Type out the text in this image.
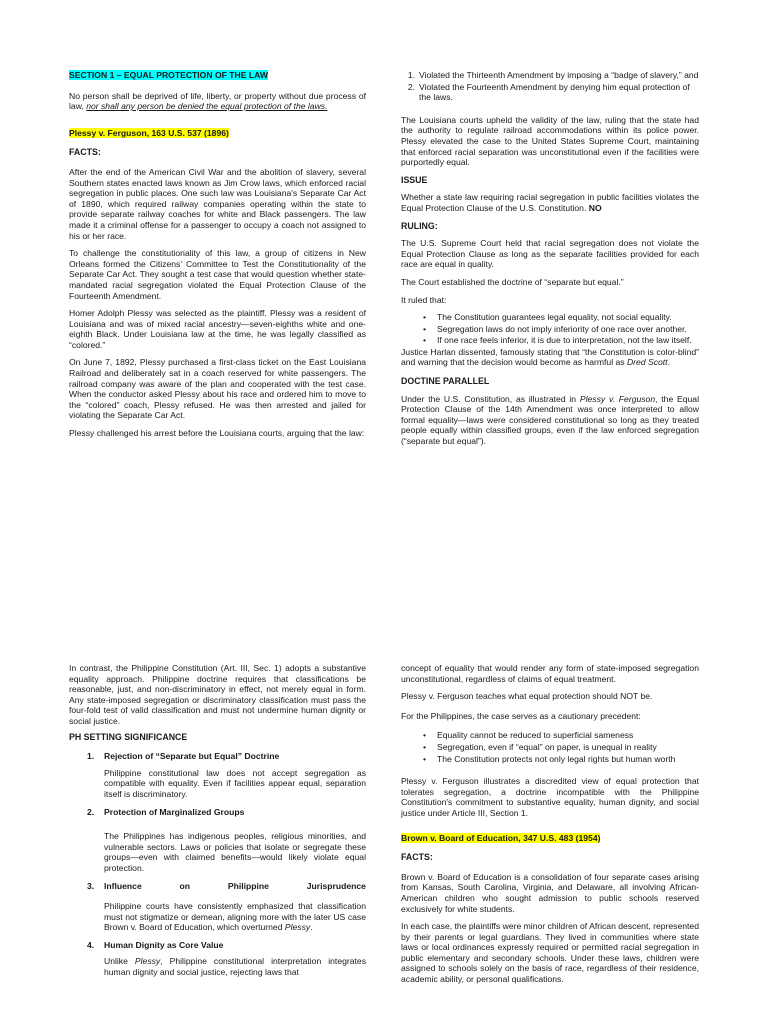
SECTION 1 – EQUAL PROTECTION OF THE LAW

No person shall be deprived of life, liberty, or property without due process of law, nor shall any person be denied the equal protection of the laws.

Plessy v. Ferguson, 163 U.S. 537 (1896)

FACTS:

After the end of the American Civil War and the abolition of slavery, several Southern states enacted laws known as Jim Crow laws, which enforced racial segregation in public places. One such law was Louisiana's Separate Car Act of 1890, which required railway companies operating within the state to provide separate railway coaches for white and Black passengers. The law made it a criminal offense for a passenger to occupy a coach not assigned to his or her race.

To challenge the constitutionality of this law, a group of citizens in New Orleans formed the Citizens' Committee to Test the Constitutionality of the Separate Car Act. They sought a test case that would question whether state-mandated racial segregation violated the Equal Protection Clause of the Fourteenth Amendment.

Homer Adolph Plessy was selected as the plaintiff. Plessy was a resident of Louisiana and was of mixed racial ancestry—seven-eighths white and one-eighth Black. Under Louisiana law at the time, he was legally classified as “colored.”

On June 7, 1892, Plessy purchased a first-class ticket on the East Louisiana Railroad and deliberately sat in a coach reserved for white passengers. The railroad company was aware of the plan and cooperated with the test case. When the conductor asked Plessy about his race and ordered him to move to the “colored” coach, Plessy refused. He was then arrested and jailed for violating the Separate Car Act.

Plessy challenged his arrest before the Louisiana courts, arguing that the law:

1. Violated the Thirteenth Amendment by imposing a “badge of slavery,” and
2. Violated the Fourteenth Amendment by denying him equal protection of the laws.

The Louisiana courts upheld the validity of the law, ruling that the state had the authority to regulate railroad accommodations within its police power. Plessy elevated the case to the United States Supreme Court, maintaining that enforced racial separation was unconstitutional even if the facilities were purportedly equal.

ISSUE

Whether a state law requiring racial segregation in public facilities violates the Equal Protection Clause of the U.S. Constitution. NO

RULING:

The U.S. Supreme Court held that racial segregation does not violate the Equal Protection Clause as long as the separate facilities provided for each race are equal in quality.

The Court established the doctrine of “separate but equal.”

It ruled that:

• The Constitution guarantees legal equality, not social equality.
• Segregation laws do not imply inferiority of one race over another.
• If one race feels inferior, it is due to interpretation, not the law itself.

Justice Harlan dissented, famously stating that “the Constitution is color-blind” and warning that the decision would become as harmful as Dred Scott.

DOCTINE PARALLEL

Under the U.S. Constitution, as illustrated in Plessy v. Ferguson, the Equal Protection Clause of the 14th Amendment was once interpreted to allow formal equality—laws were considered constitutional so long as they treated people equally within classified groups, even if the law enforced segregation (“separate but equal”).

In contrast, the Philippine Constitution (Art. III, Sec. 1) adopts a substantive equality approach. Philippine doctrine requires that classifications be reasonable, just, and non-discriminatory in effect, not merely equal in form. Any state-imposed segregation or discriminatory classification must pass the four-fold test of valid classification and must not undermine human dignity or social justice.

PH SETTING SIGNIFICANCE
1. Rejection of “Separate but Equal” Doctrine

Philippine constitutional law does not accept segregation as compatible with equality. Even if facilities appear equal, separation itself is discriminatory.

2. Protection of Marginalized Groups

The Philippines has indigenous peoples, religious minorities, and vulnerable sectors. Laws or policies that isolate or segregate these groups—even with claimed benefits—would likely violate equal protection.

3. Influence	on	Philippine	Jurisprudence

Philippine courts have consistently emphasized that classification must not stigmatize or demean, aligning more with the later US case Brown v. Board of Education, which overturned Plessy.

4. Human Dignity as Core Value

Unlike Plessy, Philippine constitutional interpretation integrates human dignity and social justice, rejecting laws that

concept of equality that would render any form of state-imposed segregation unconstitutional, regardless of claims of equal treatment.

Plessy v. Ferguson teaches what equal protection should NOT be.

For the Philippines, the case serves as a cautionary precedent:

• Equality cannot be reduced to superficial sameness
• Segregation, even if “equal” on paper, is unequal in reality
• The Constitution protects not only legal rights but human worth

Plessy v. Ferguson illustrates a discredited view of equal protection that tolerates segregation, a doctrine incompatible with the Philippine Constitution's commitment to substantive equality, human dignity, and social justice under Article III, Section 1.

Brown v. Board of Education, 347 U.S. 483 (1954)

FACTS:

Brown v. Board of Education is a consolidation of four separate cases arising from Kansas, South Carolina, Virginia, and Delaware, all involving African-American children who sought admission to public schools reserved exclusively for white students.

In each case, the plaintiffs were minor children of African descent, represented by their parents or legal guardians. They lived in communities where state laws or local ordinances expressly required or permitted racial segregation in public elementary and secondary schools. Under these laws, children were assigned to schools solely on the basis of race, regardless of their residence, academic ability, or personal qualifications.
